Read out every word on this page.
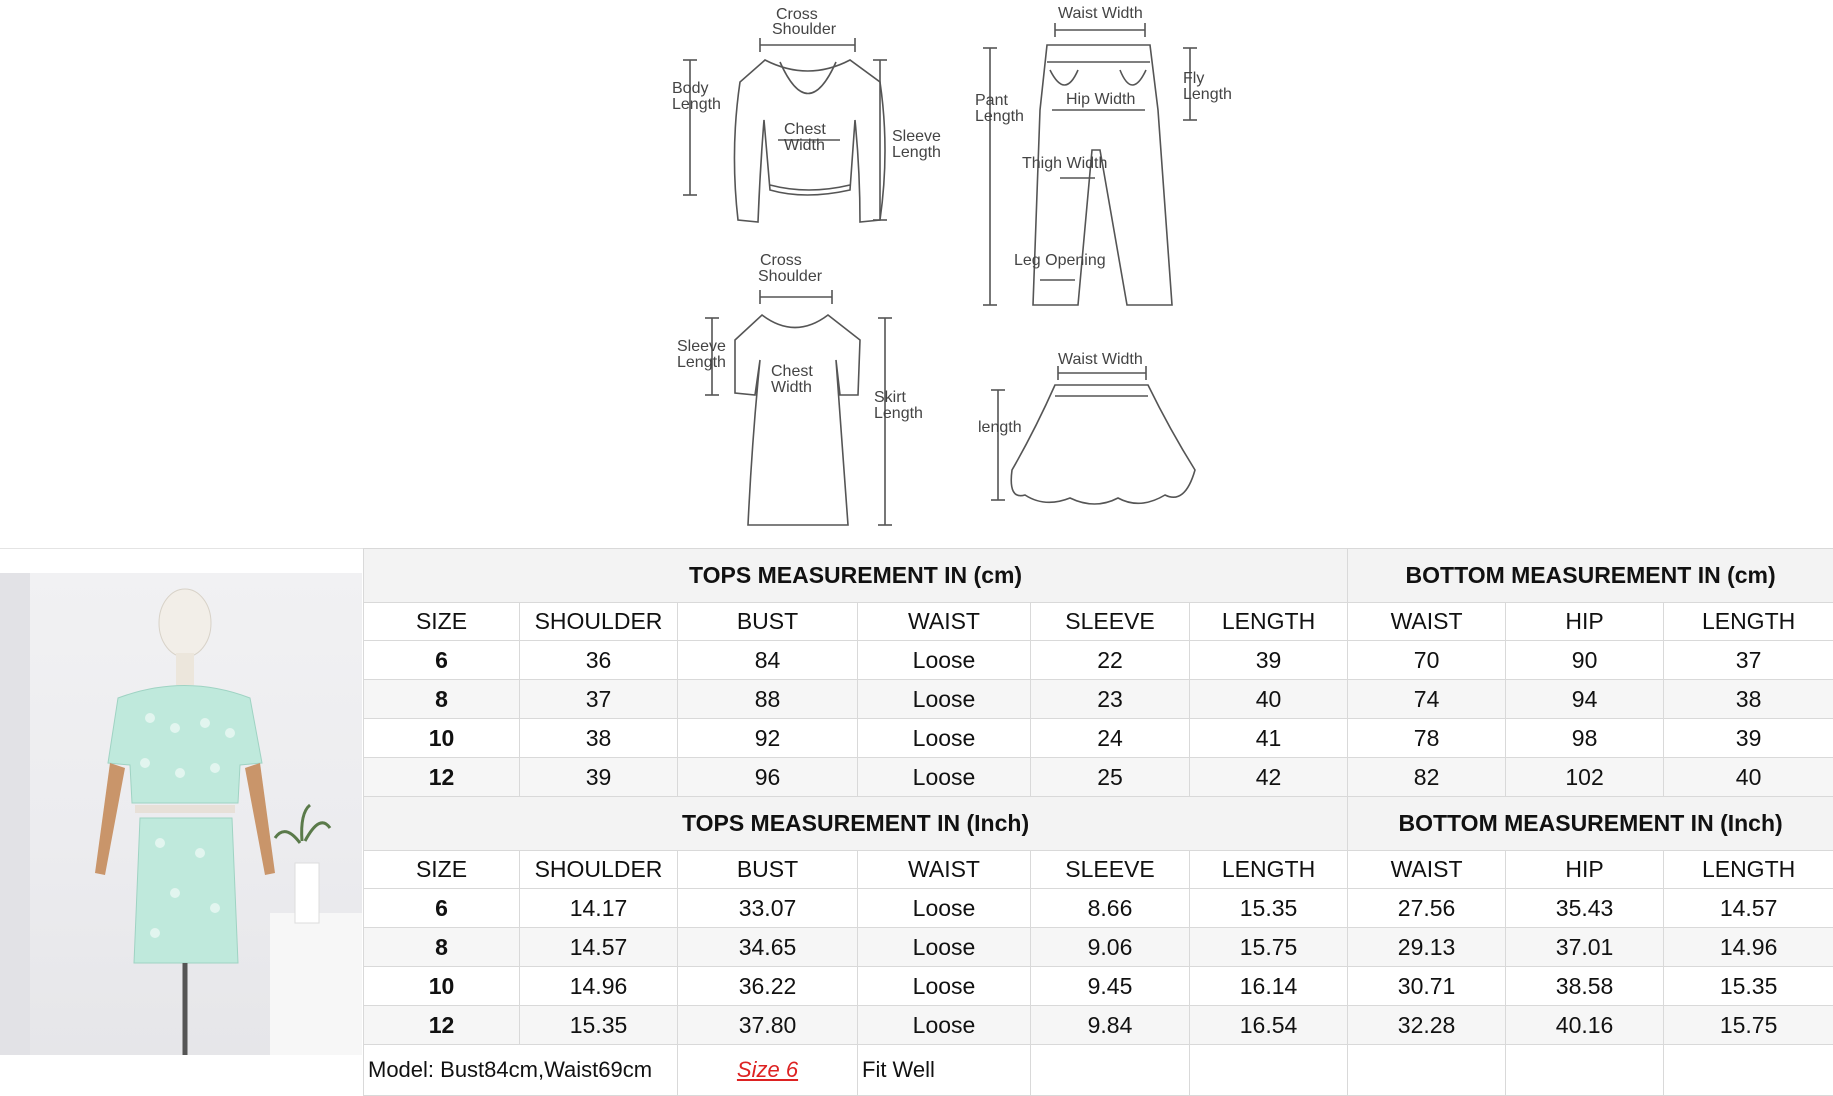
Cross
Shoulder
Body
Length
Chest
Width
Sleeve
Length
Waist Width
Fly
Length
Pant
Length
Hip Width
Thigh Width
Leg Opening
Cross
Shoulder
Sleeve
Length
Chest
Width
Skirt
Length
Waist Width
length
TOPS MEASUREMENT IN (cm)						BOTTOM MEASUREMENT IN (cm)		
SIZE	SHOULDER	BUST	WAIST	SLEEVE	LENGTH	WAIST	HIP	LENGTH
6	36	84	Loose	22	39	70	90	37
8	37	88	Loose	23	40	74	94	38
10	38	92	Loose	24	41	78	98	39
12	39	96	Loose	25	42	82	102	40
TOPS MEASUREMENT IN (Inch)						BOTTOM MEASUREMENT IN (Inch)		
SIZE	SHOULDER	BUST	WAIST	SLEEVE	LENGTH	WAIST	HIP	LENGTH
6	14.17	33.07	Loose	8.66	15.35	27.56	35.43	14.57
8	14.57	34.65	Loose	9.06	15.75	29.13	37.01	14.96
10	14.96	36.22	Loose	9.45	16.14	30.71	38.58	15.35
12	15.35	37.80	Loose	9.84	16.54	32.28	40.16	15.75
Model: Bust84cm,Waist69cm		Size 6	Fit Well					
